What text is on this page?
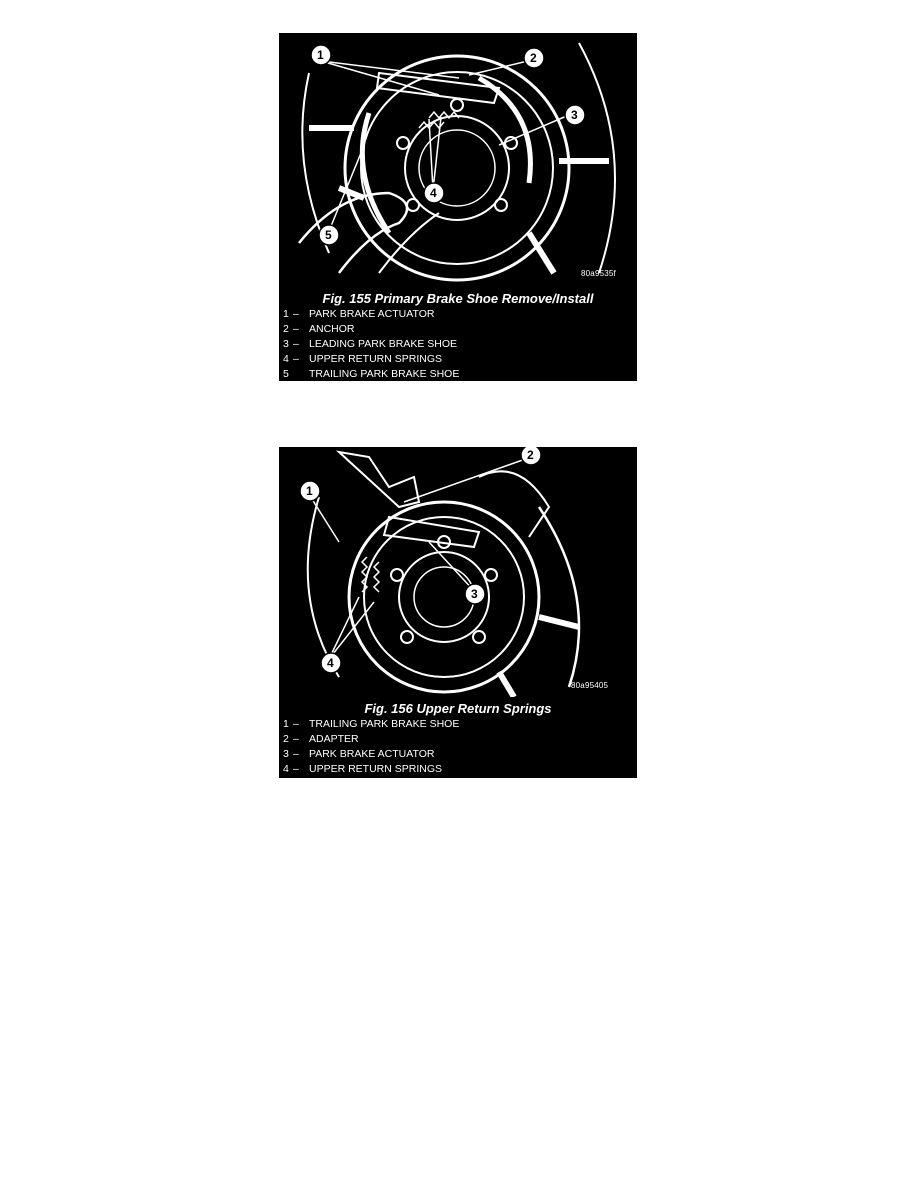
1	2
3
4
5
80a9535f
Fig. 155 Primary Brake Shoe Remove/Install
1 – PARK BRAKE ACTUATOR
2 – ANCHOR
3 – LEADING PARK BRAKE SHOE
4 – UPPER RETURN SPRINGS
5 TRAILING PARK BRAKE SHOE
1
2
3
4
80a95405
Fig. 156 Upper Return Springs
1 – TRAILING PARK BRAKE SHOE
2 – ADAPTER
3 – PARK BRAKE ACTUATOR
4 – UPPER RETURN SPRINGS
